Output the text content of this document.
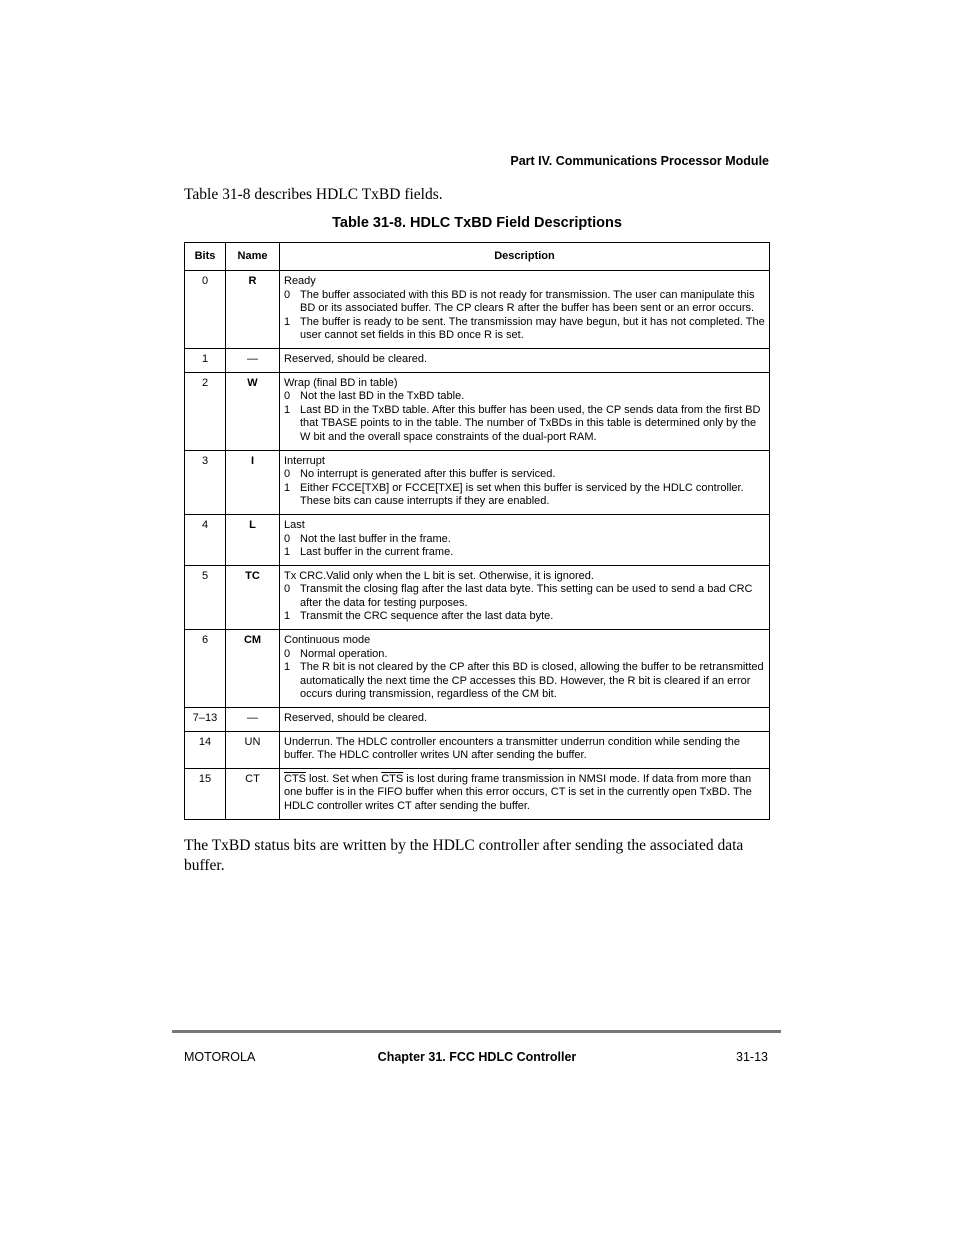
Part IV. Communications Processor Module
Table 31-8 describes HDLC TxBD fields.
Table 31-8. HDLC TxBD Field Descriptions
Bits	Name	Description
0	R	Ready
0 The buffer associated with this BD is not ready for transmission. The user can manipulate this BD or its associated buffer. The CP clears R after the buffer has been sent or an error occurs.
1 The buffer is ready to be sent. The transmission may have begun, but it has not completed. The user cannot set fields in this BD once R is set.

1	—	Reserved, should be cleared.

2	W	Wrap (final BD in table)
0 Not the last BD in the TxBD table.
1 Last BD in the TxBD table. After this buffer has been used, the CP sends data from the first BD that TBASE points to in the table. The number of TxBDs in this table is determined only by the W bit and the overall space constraints of the dual-port RAM.

3	I	Interrupt
0 No interrupt is generated after this buffer is serviced.
1 Either FCCE[TXB] or FCCE[TXE] is set when this buffer is serviced by the HDLC controller. These bits can cause interrupts if they are enabled.

4	L	Last
0 Not the last buffer in the frame.
1 Last buffer in the current frame.

5	TC	Tx CRC.Valid only when the L bit is set. Otherwise, it is ignored.
0 Transmit the closing flag after the last data byte. This setting can be used to send a bad CRC after the data for testing purposes.
1 Transmit the CRC sequence after the last data byte.

6	CM	Continuous mode
0 Normal operation.
1 The R bit is not cleared by the CP after this BD is closed, allowing the buffer to be retransmitted automatically the next time the CP accesses this BD. However, the R bit is cleared if an error occurs during transmission, regardless of the CM bit.

7–13	—	Reserved, should be cleared.

14	UN	Underrun. The HDLC controller encounters a transmitter underrun condition while sending the buffer. The HDLC controller writes UN after sending the buffer.

15	CT	$\overline{CTS}$ lost. Set when $\overline{CTS}$ is lost during frame transmission in NMSI mode. If data from more than one buffer is in the FIFO buffer when this error occurs, CT is set in the currently open TxBD. The HDLC controller writes CT after sending the buffer.
The TxBD status bits are written by the HDLC controller after sending the associated data buffer.
MOTOROLA	Chapter 31. FCC HDLC Controller	31-13
